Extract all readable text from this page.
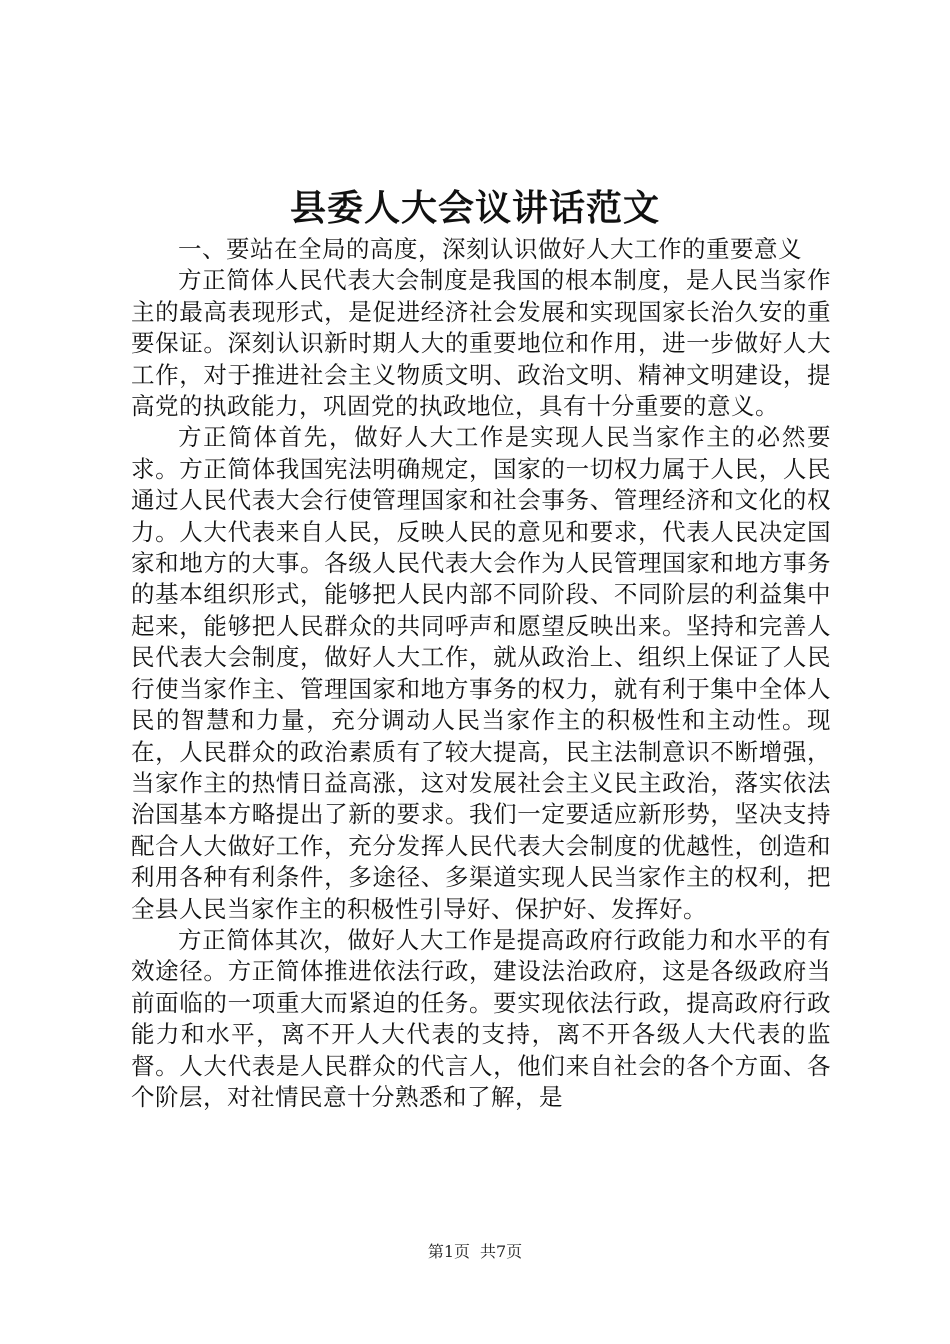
县委人大会议讲话范文

一、要站在全局的高度，深刻认识做好人大工作的重要意义

方正简体人民代表大会制度是我国的根本制度，是人民当家作主的最高表现形式，是促进经济社会发展和实现国家长治久安的重要保证。深刻认识新时期人大的重要地位和作用，进一步做好人大工作，对于推进社会主义物质文明、政治文明、精神文明建设，提高党的执政能力，巩固党的执政地位，具有十分重要的意义。

方正简体首先，做好人大工作是实现人民当家作主的必然要求。方正简体我国宪法明确规定，国家的一切权力属于人民，人民通过人民代表大会行使管理国家和社会事务、管理经济和文化的权力。人大代表来自人民，反映人民的意见和要求，代表人民决定国家和地方的大事。各级人民代表大会作为人民管理国家和地方事务的基本组织形式，能够把人民内部不同阶段、不同阶层的利益集中起来，能够把人民群众的共同呼声和愿望反映出来。坚持和完善人民代表大会制度，做好人大工作，就从政治上、组织上保证了人民行使当家作主、管理国家和地方事务的权力，就有利于集中全体人民的智慧和力量，充分调动人民当家作主的积极性和主动性。现在，人民群众的政治素质有了较大提高，民主法制意识不断增强，当家作主的热情日益高涨，这对发展社会主义民主政治，落实依法治国基本方略提出了新的要求。我们一定要适应新形势，坚决支持配合人大做好工作，充分发挥人民代表大会制度的优越性，创造和利用各种有利条件，多途径、多渠道实现人民当家作主的权利，把全县人民当家作主的积极性引导好、保护好、发挥好。

方正简体其次，做好人大工作是提高政府行政能力和水平的有效途径。方正简体推进依法行政，建设法治政府，这是各级政府当前面临的一项重大而紧迫的任务。要实现依法行政，提高政府行政能力和水平，离不开人大代表的支持，离不开各级人大代表的监督。人大代表是人民群众的代言人，他们来自社会的各个方面、各个阶层，对社情民意十分熟悉和了解，是

第1页 共7页
